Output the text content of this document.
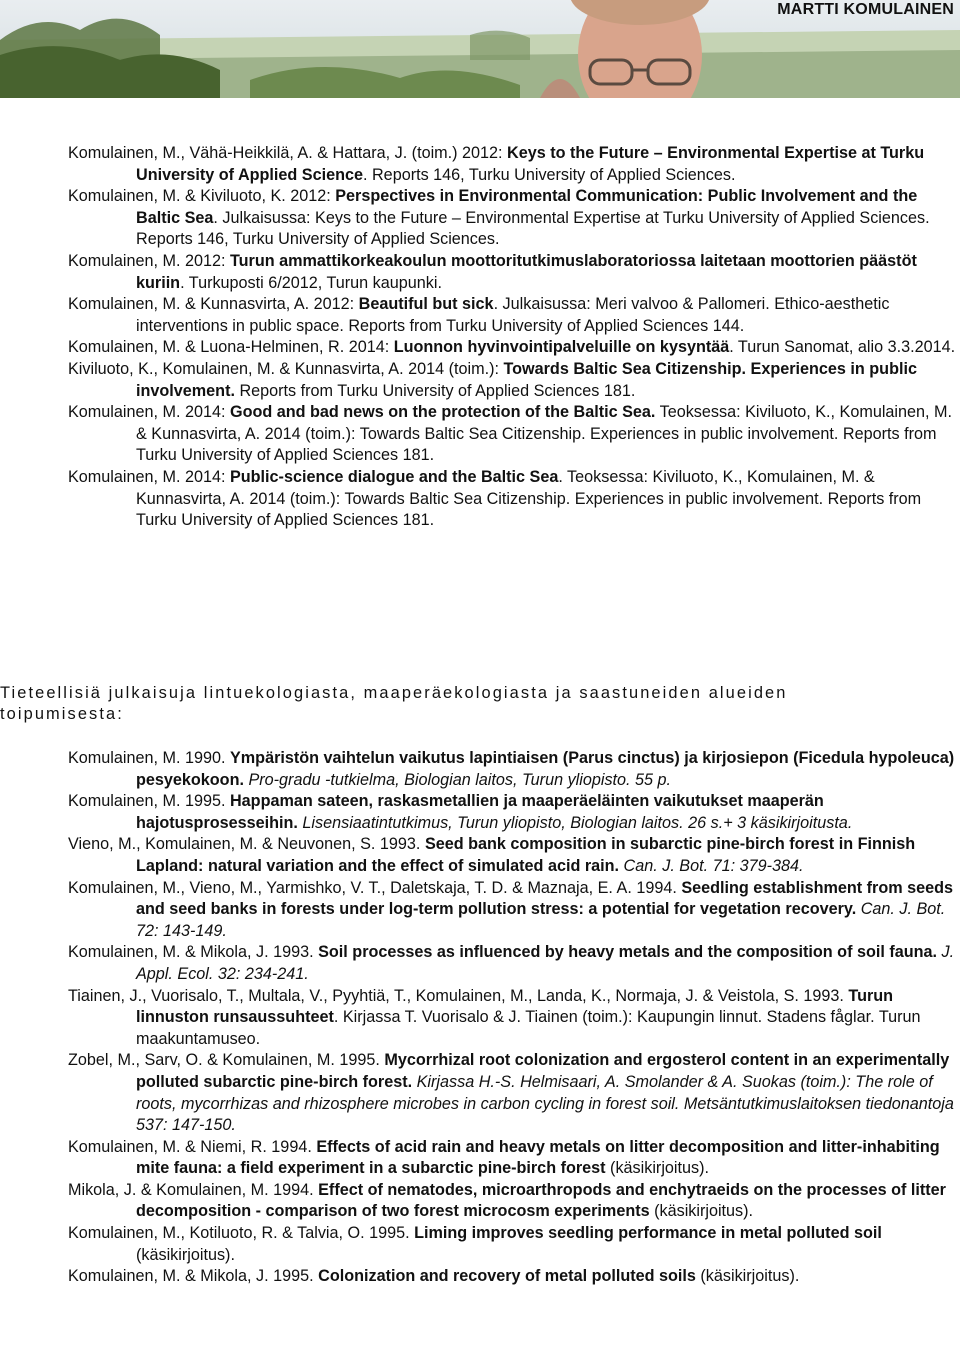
MARTTI KOMULAINEN

Komulainen, M., Vähä-Heikkilä, A. & Hattara, J. (toim.) 2012: Keys to the Future – Environmental Expertise at Turku University of Applied Science. Reports 146, Turku University of Applied Sciences.

Komulainen, M. & Kiviluoto, K. 2012: Perspectives in Environmental Communication: Public Involvement and the Baltic Sea. Julkaisussa: Keys to the Future – Environmental Expertise at Turku University of Applied Sciences. Reports 146, Turku University of Applied Sciences.

Komulainen, M. 2012: Turun ammattikorkeakoulun moottoritutkimuslaboratoriossa laitetaan moottorien päästöt kuriin. Turkuposti 6/2012, Turun kaupunki.

Komulainen, M. & Kunnasvirta, A. 2012: Beautiful but sick. Julkaisussa: Meri valvoo & Pallomeri. Ethico-aesthetic interventions in public space. Reports from Turku University of Applied Sciences 144.

Komulainen, M. & Luona-Helminen, R. 2014: Luonnon hyvinvointipalveluille on kysyntää. Turun Sanomat, alio 3.3.2014.

Kiviluoto, K., Komulainen, M. & Kunnasvirta, A. 2014 (toim.): Towards Baltic Sea Citizenship. Experiences in public involvement. Reports from Turku University of Applied Sciences 181.

Komulainen, M. 2014: Good and bad news on the protection of the Baltic Sea. Teoksessa: Kiviluoto, K., Komulainen, M. & Kunnasvirta, A. 2014 (toim.): Towards Baltic Sea Citizenship. Experiences in public involvement. Reports from Turku University of Applied Sciences 181.

Komulainen, M. 2014: Public-science dialogue and the Baltic Sea. Teoksessa: Kiviluoto, K., Komulainen, M. & Kunnasvirta, A. 2014 (toim.): Towards Baltic Sea Citizenship. Experiences in public involvement. Reports from Turku University of Applied Sciences 181.

Tieteellisiä julkaisuja lintuekologiasta, maaperäekologiasta ja saastuneiden alueiden toipumisesta:

Komulainen, M. 1990. Ympäristön vaihtelun vaikutus lapintiaisen (Parus cinctus) ja kirjosiepon (Ficedula hypoleuca) pesyekokoon. Pro-gradu -tutkielma, Biologian laitos, Turun yliopisto. 55 p.

Komulainen, M. 1995. Happaman sateen, raskasmetallien ja maaperäeläinten vaikutukset maaperän hajotusprosesseihin. Lisensiaatintutkimus, Turun yliopisto, Biologian laitos. 26 s.+ 3 käsikirjoitusta.

Vieno, M., Komulainen, M. & Neuvonen, S. 1993. Seed bank composition in subarctic pine-birch forest in Finnish Lapland: natural variation and the effect of simulated acid rain. Can. J. Bot. 71: 379-384.

Komulainen, M., Vieno, M., Yarmishko, V. T., Daletskaja, T. D. & Maznaja, E. A. 1994. Seedling establishment from seeds and seed banks in forests under log-term pollution stress: a potential for vegetation recovery. Can. J. Bot. 72: 143-149.

Komulainen, M. & Mikola, J. 1993. Soil processes as influenced by heavy metals and the composition of soil fauna. J. Appl. Ecol. 32: 234-241.

Tiainen, J., Vuorisalo, T., Multala, V., Pyyhtiä, T., Komulainen, M., Landa, K., Normaja, J. & Veistola, S. 1993. Turun linnuston runsaussuhteet. Kirjassa T. Vuorisalo & J. Tiainen (toim.): Kaupungin linnut. Stadens fåglar. Turun maakuntamuseo.

Zobel, M., Sarv, O. & Komulainen, M. 1995. Mycorrhizal root colonization and ergosterol content in an experimentally polluted subarctic pine-birch forest. Kirjassa H.-S. Helmisaari, A. Smolander & A. Suokas (toim.): The role of roots, mycorrhizas and rhizosphere microbes in carbon cycling in forest soil. Metsäntutkimuslaitoksen tiedonantoja 537: 147-150.

Komulainen, M. & Niemi, R. 1994. Effects of acid rain and heavy metals on litter decomposition and litter-inhabiting mite fauna: a field experiment in a subarctic pine-birch forest (käsikirjoitus).

Mikola, J. & Komulainen, M. 1994. Effect of nematodes, microarthropods and enchytraeids on the processes of litter decomposition - comparison of two forest microcosm experiments (käsikirjoitus).

Komulainen, M., Kotiluoto, R. & Talvia, O. 1995. Liming improves seedling performance in metal polluted soil (käsikirjoitus).

Komulainen, M. & Mikola, J. 1995. Colonization and recovery of metal polluted soils (käsikirjoitus).
